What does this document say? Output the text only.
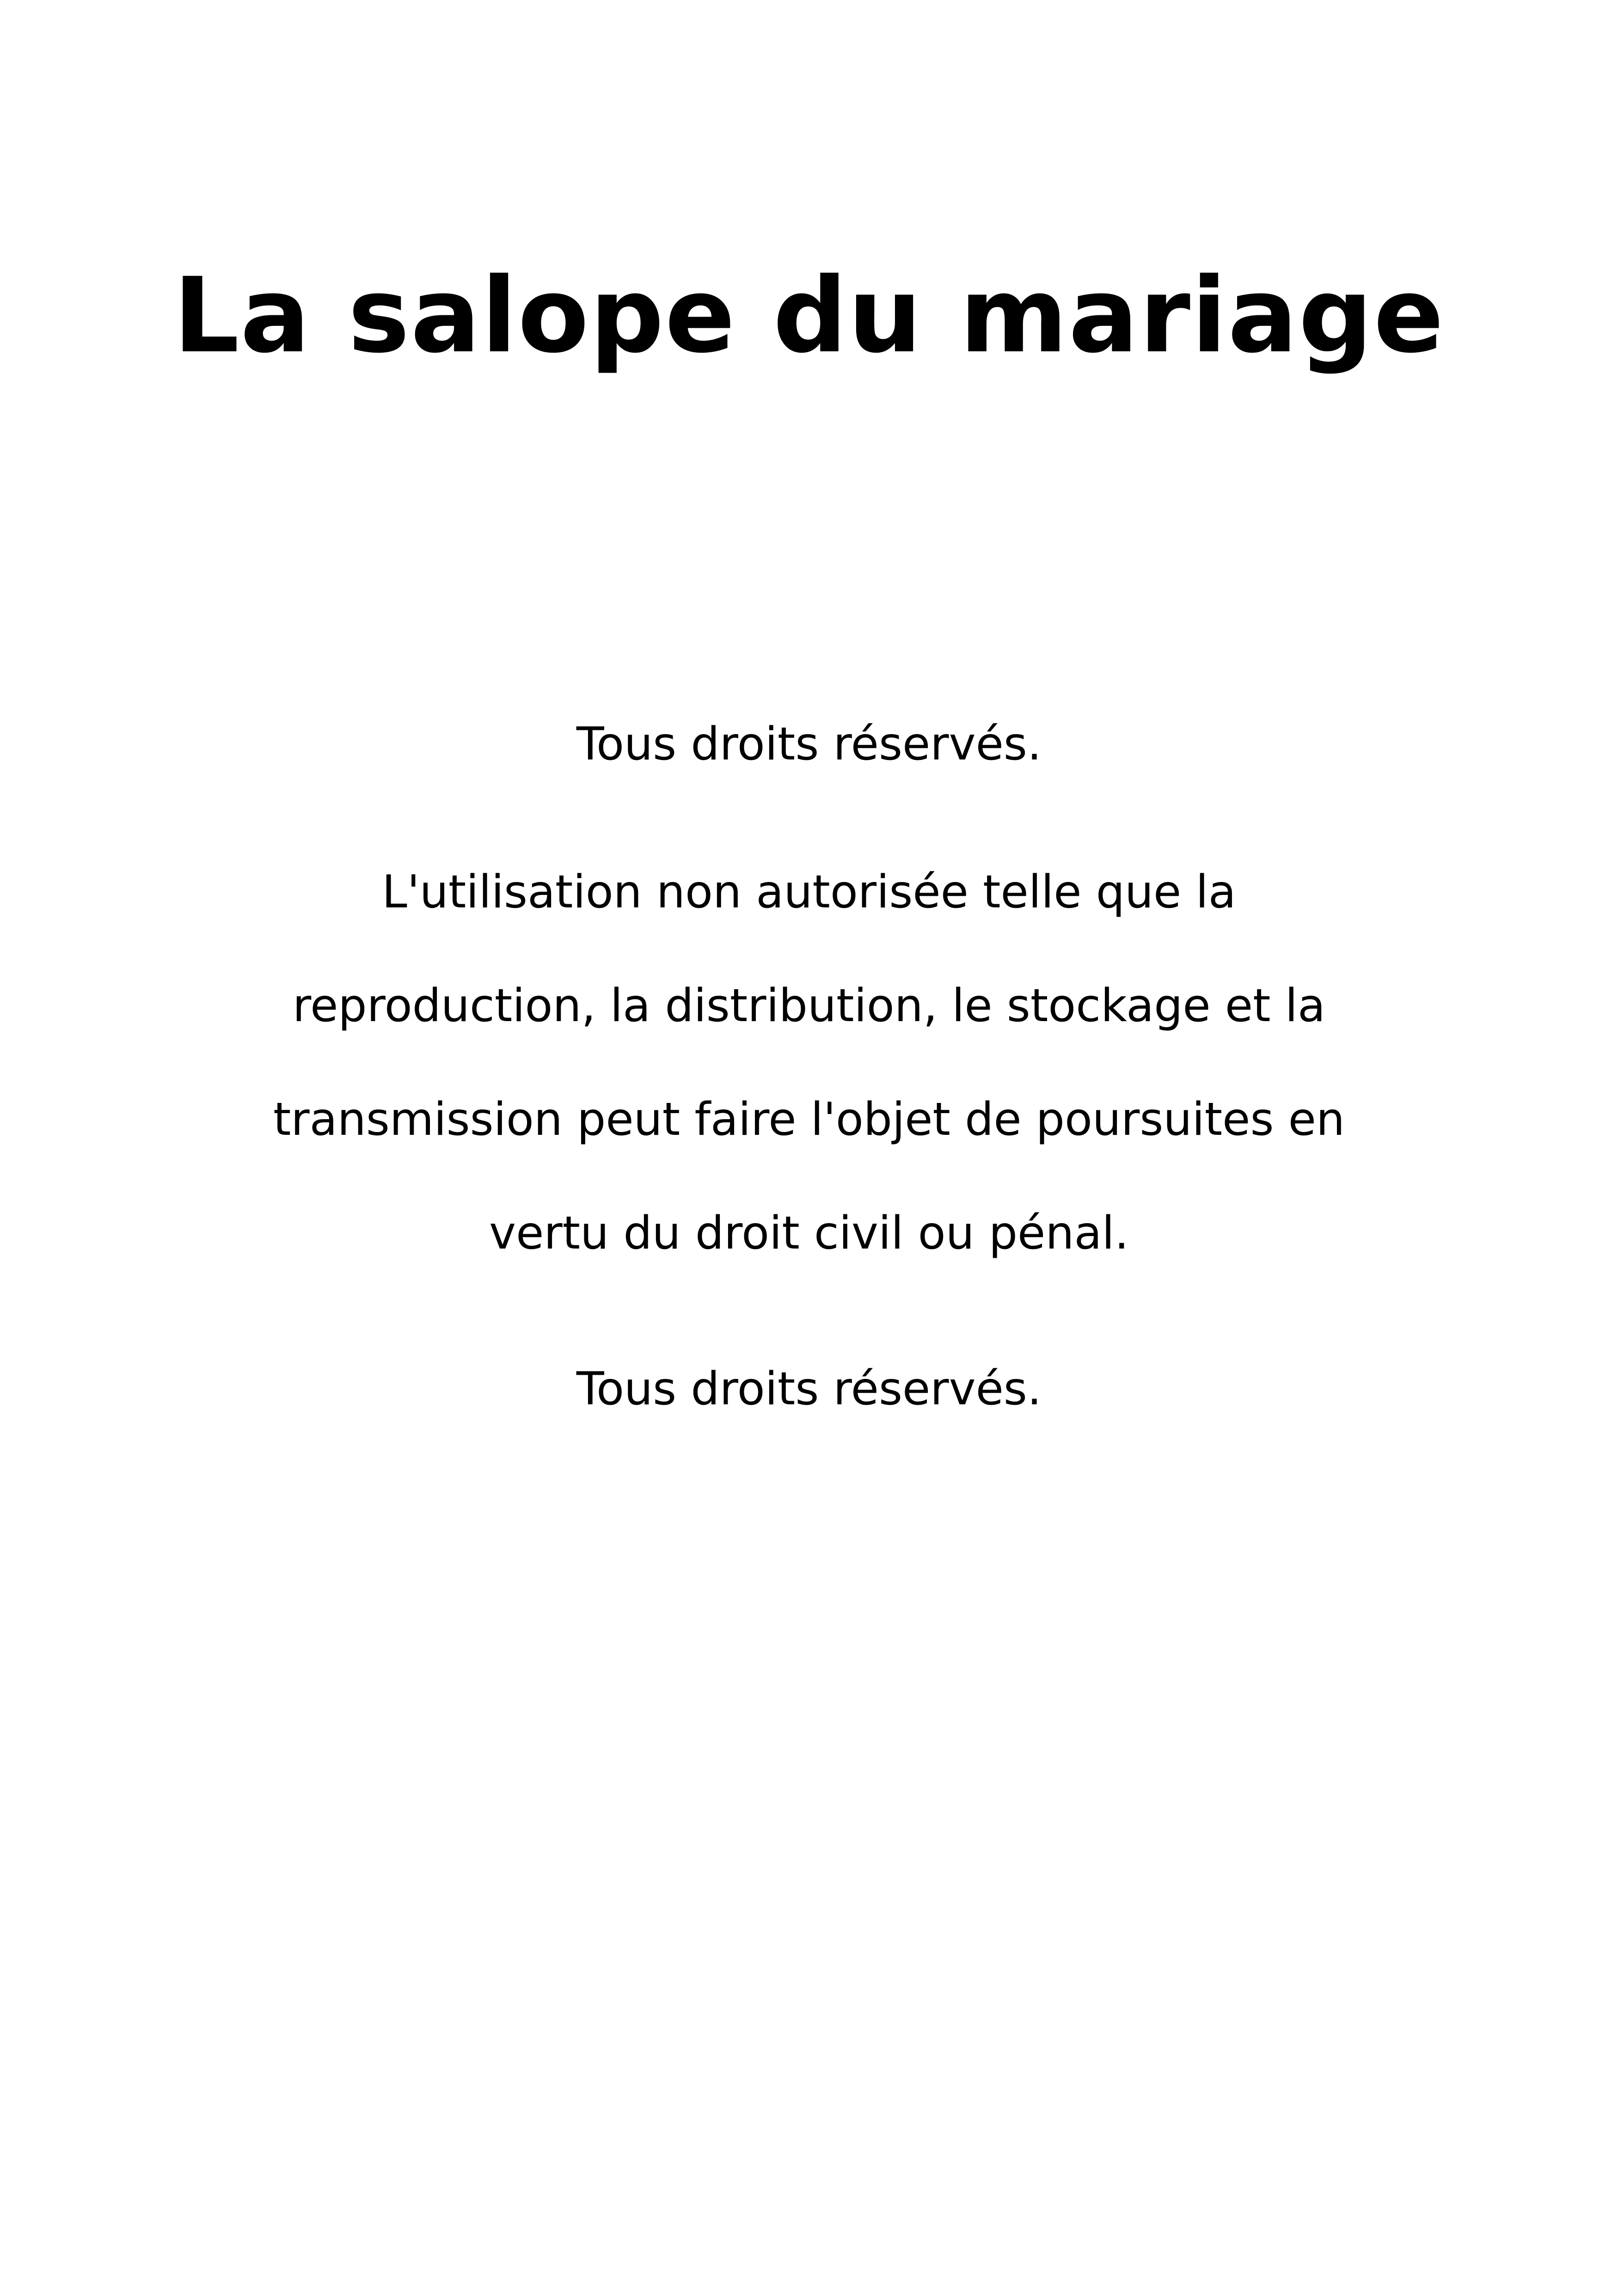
La salope du mariage

Tous droits réservés.

L'utilisation non autorisée telle que la
reproduction, la distribution, le stockage et la
transmission peut faire l'objet de poursuites en
vertu du droit civil ou pénal.

Tous droits réservés.
